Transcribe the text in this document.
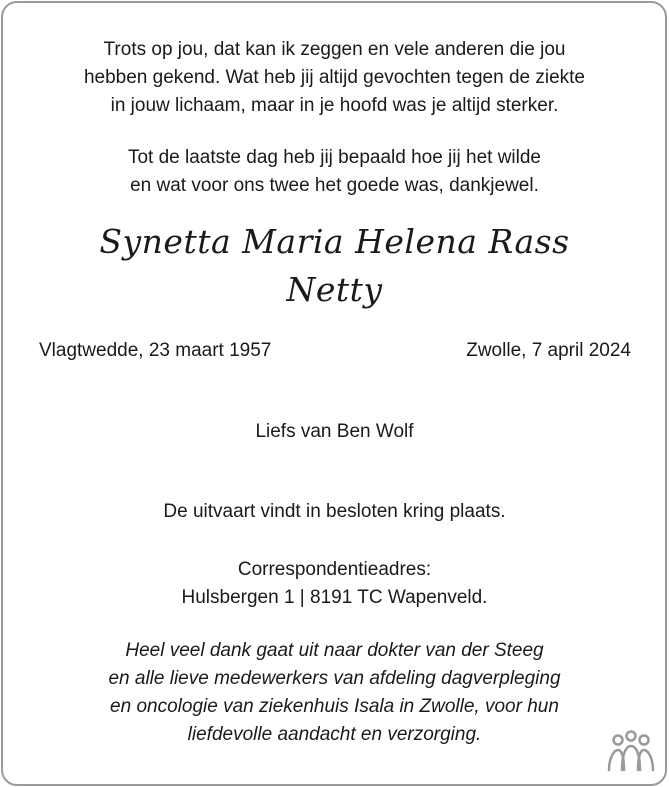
Trots op jou, dat kan ik zeggen en vele anderen die jou
hebben gekend. Wat heb jij altijd gevochten tegen de ziekte
in jouw lichaam, maar in je hoofd was je altijd sterker.
Tot de laatste dag heb jij bepaald hoe jij het wilde
en wat voor ons twee het goede was, dankjewel.
Synetta Maria Helena Rass
Netty
Vlagtwedde, 23 maart 1957	Zwolle, 7 april 2024
Liefs van Ben Wolf
De uitvaart vindt in besloten kring plaats.
Correspondentieadres:
Hulsbergen 1 | 8191 TC Wapenveld.
Heel veel dank gaat uit naar dokter van der Steeg
en alle lieve medewerkers van afdeling dagverpleging
en oncologie van ziekenhuis Isala in Zwolle, voor hun
liefdevolle aandacht en verzorging.
